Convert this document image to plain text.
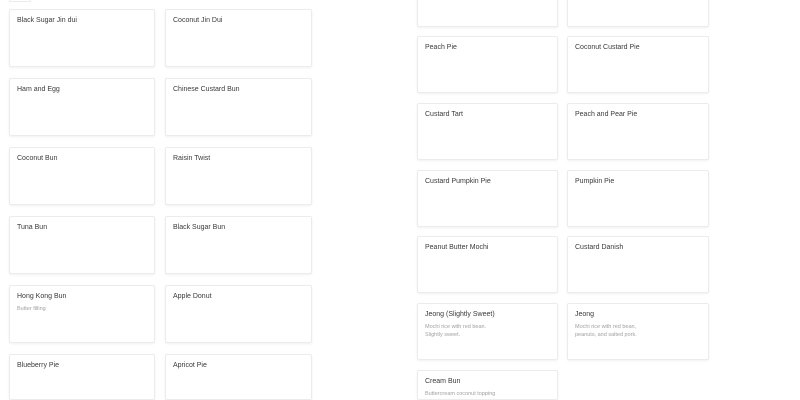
Black Sugar Jin dui	Coconut Jin Dui
Ham and Egg	Chinese Custard Bun
Coconut Bun	Raisin Twist
Tuna Bun	Black Sugar Bun
Hong Kong Bun
Butter filling
Apple Donut
Blueberry Pie	Apricot Pie
Peach Pie	Coconut Custard Pie
Custard Tart	Peach and Pear Pie
Custard Pumpkin Pie	Pumpkin Pie
Peanut Butter Mochi	Custard Danish
Jeong (Slightly Sweet)
Mochi rice with red bean. Slightly sweet.
Jeong
Mochi rice with red bean, peanuts, and salted pork.
Cream Bun
Buttercream coconut topping
